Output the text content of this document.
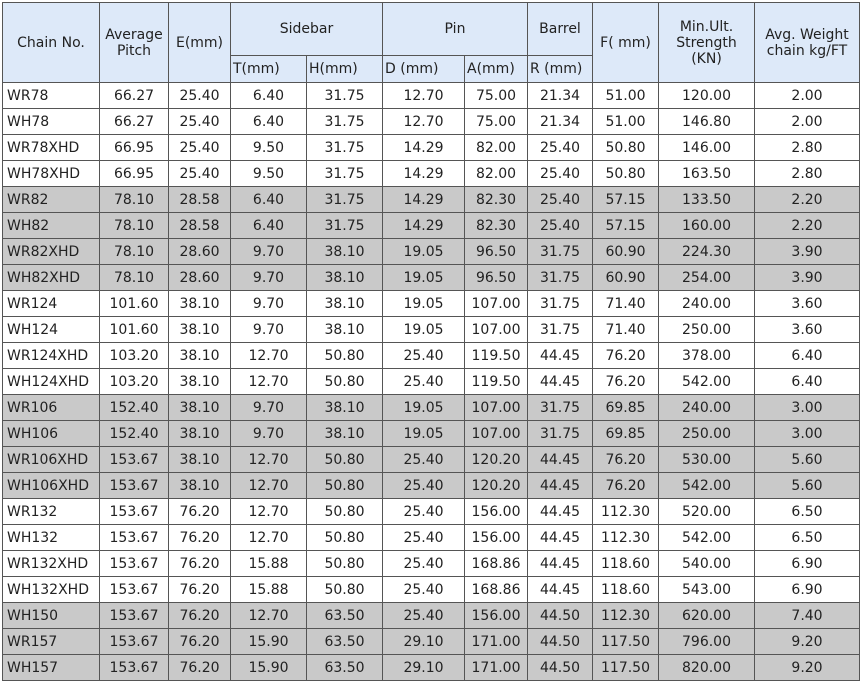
Chain No.	Average Pitch	E(mm)	Sidebar		Pin		Barrel	F( mm)	Min.Ult. Strength (KN)	Avg. Weight chain kg/FT
			T(mm)	H(mm)	D (mm)	A(mm)	R (mm)			
WR78	66.27	25.40	6.40	31.75	12.70	75.00	21.34	51.00	120.00	2.00
WH78	66.27	25.40	6.40	31.75	12.70	75.00	21.34	51.00	146.80	2.00
WR78XHD	66.95	25.40	9.50	31.75	14.29	82.00	25.40	50.80	146.00	2.80
WH78XHD	66.95	25.40	9.50	31.75	14.29	82.00	25.40	50.80	163.50	2.80
WR82	78.10	28.58	6.40	31.75	14.29	82.30	25.40	57.15	133.50	2.20
WH82	78.10	28.58	6.40	31.75	14.29	82.30	25.40	57.15	160.00	2.20
WR82XHD	78.10	28.60	9.70	38.10	19.05	96.50	31.75	60.90	224.30	3.90
WH82XHD	78.10	28.60	9.70	38.10	19.05	96.50	31.75	60.90	254.00	3.90
WR124	101.60	38.10	9.70	38.10	19.05	107.00	31.75	71.40	240.00	3.60
WH124	101.60	38.10	9.70	38.10	19.05	107.00	31.75	71.40	250.00	3.60
WR124XHD	103.20	38.10	12.70	50.80	25.40	119.50	44.45	76.20	378.00	6.40
WH124XHD	103.20	38.10	12.70	50.80	25.40	119.50	44.45	76.20	542.00	6.40
WR106	152.40	38.10	9.70	38.10	19.05	107.00	31.75	69.85	240.00	3.00
WH106	152.40	38.10	9.70	38.10	19.05	107.00	31.75	69.85	250.00	3.00
WR106XHD	153.67	38.10	12.70	50.80	25.40	120.20	44.45	76.20	530.00	5.60
WH106XHD	153.67	38.10	12.70	50.80	25.40	120.20	44.45	76.20	542.00	5.60
WR132	153.67	76.20	12.70	50.80	25.40	156.00	44.45	112.30	520.00	6.50
WH132	153.67	76.20	12.70	50.80	25.40	156.00	44.45	112.30	542.00	6.50
WR132XHD	153.67	76.20	15.88	50.80	25.40	168.86	44.45	118.60	540.00	6.90
WH132XHD	153.67	76.20	15.88	50.80	25.40	168.86	44.45	118.60	543.00	6.90
WH150	153.67	76.20	12.70	63.50	25.40	156.00	44.50	112.30	620.00	7.40
WR157	153.67	76.20	15.90	63.50	29.10	171.00	44.50	117.50	796.00	9.20
WH157	153.67	76.20	15.90	63.50	29.10	171.00	44.50	117.50	820.00	9.20
